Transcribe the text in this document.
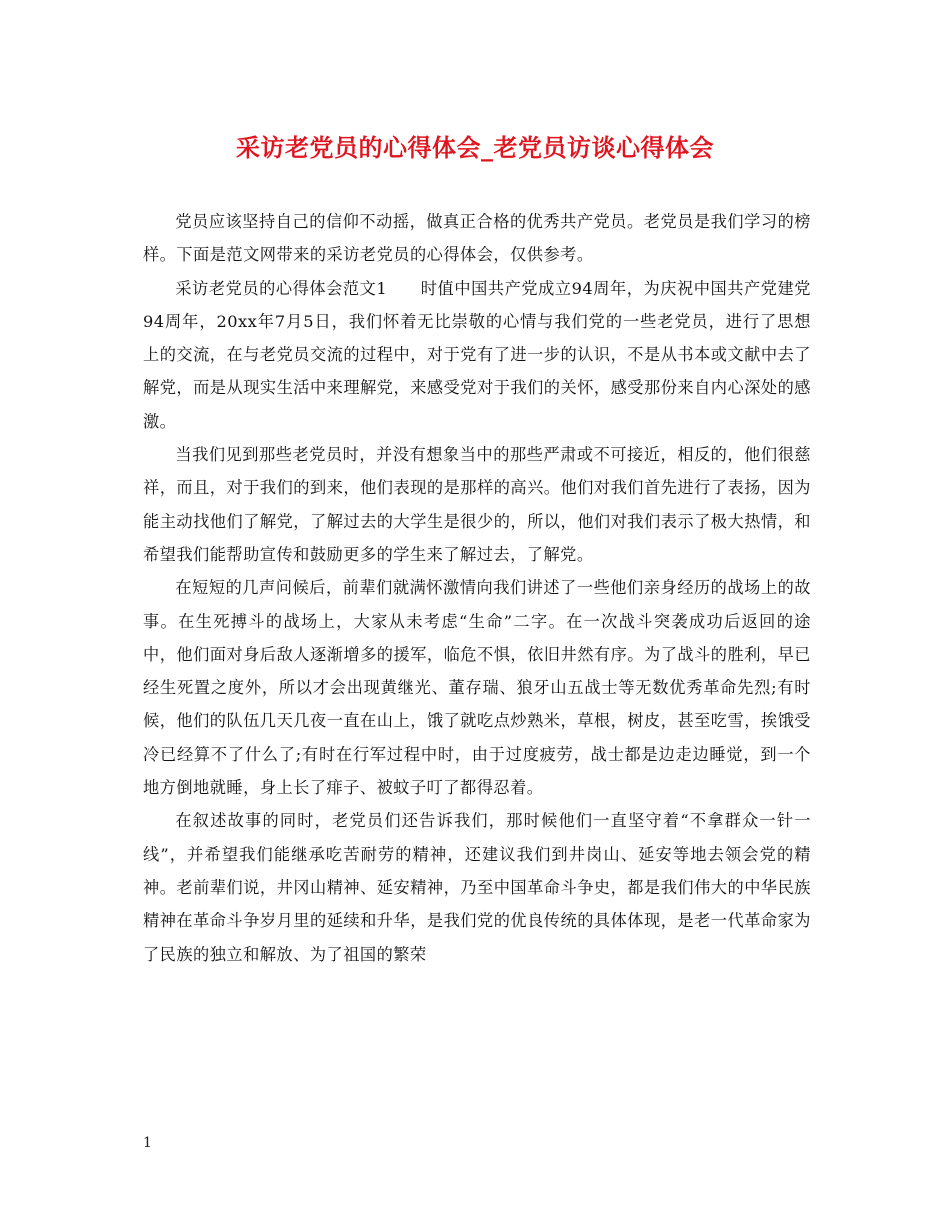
采访老党员的心得体会_老党员访谈心得体会

党员应该坚持自己的信仰不动摇，做真正合格的优秀共产党员。老党员是我们学习的榜样。下面是范文网带来的采访老党员的心得体会，仅供参考。

采访老党员的心得体会范文1　　时值中国共产党成立94周年，为庆祝中国共产党建党94周年，20xx年7月5日，我们怀着无比崇敬的心情与我们党的一些老党员，进行了思想上的交流，在与老党员交流的过程中，对于党有了进一步的认识，不是从书本或文献中去了解党，而是从现实生活中来理解党，来感受党对于我们的关怀，感受那份来自内心深处的感激。

当我们见到那些老党员时，并没有想象当中的那些严肃或不可接近，相反的，他们很慈祥，而且，对于我们的到来，他们表现的是那样的高兴。他们对我们首先进行了表扬，因为能主动找他们了解党，了解过去的大学生是很少的，所以，他们对我们表示了极大热情，和希望我们能帮助宣传和鼓励更多的学生来了解过去，了解党。

在短短的几声问候后，前辈们就满怀激情向我们讲述了一些他们亲身经历的战场上的故事。在生死搏斗的战场上，大家从未考虑“生命”二字。在一次战斗突袭成功后返回的途中，他们面对身后敌人逐渐增多的援军，临危不惧，依旧井然有序。为了战斗的胜利，早已经生死置之度外，所以才会出现黄继光、董存瑞、狼牙山五战士等无数优秀革命先烈;有时候，他们的队伍几天几夜一直在山上，饿了就吃点炒熟米，草根，树皮，甚至吃雪，挨饿受冷已经算不了什么了;有时在行军过程中时，由于过度疲劳，战士都是边走边睡觉，到一个地方倒地就睡，身上长了痱子、被蚊子叮了都得忍着。

在叙述故事的同时，老党员们还告诉我们，那时候他们一直坚守着“不拿群众一针一线”，并希望我们能继承吃苦耐劳的精神，还建议我们到井岗山、延安等地去领会党的精神。老前辈们说，井冈山精神、延安精神，乃至中国革命斗争史，都是我们伟大的中华民族精神在革命斗争岁月里的延续和升华，是我们党的优良传统的具体体现，是老一代革命家为了民族的独立和解放、为了祖国的繁荣

1
